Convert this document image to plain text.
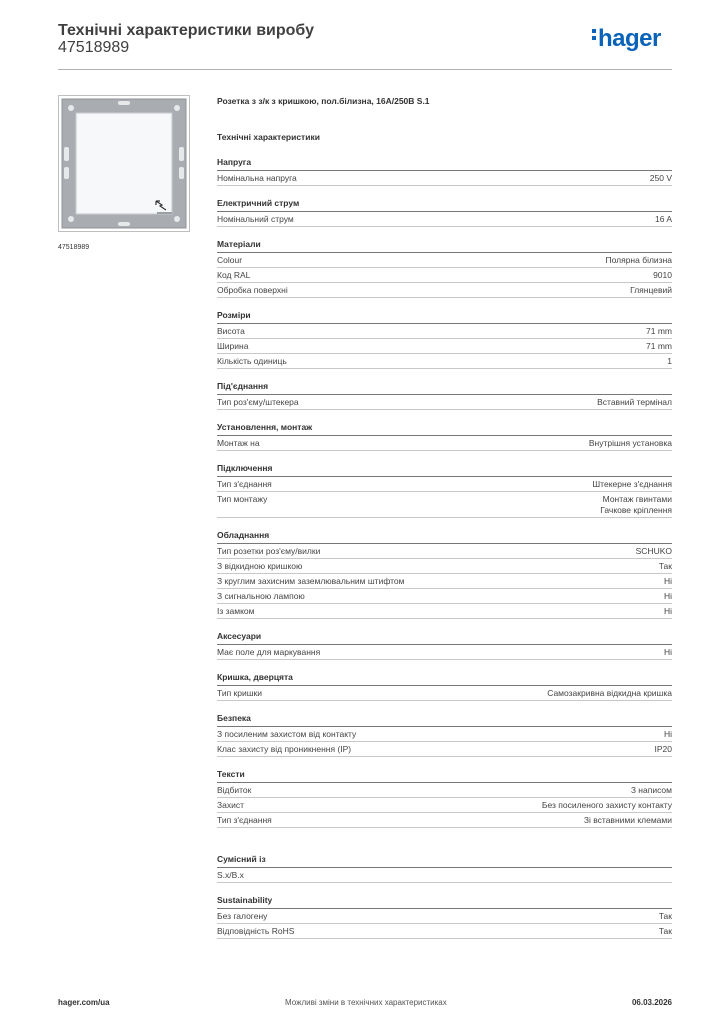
Технічні характеристики виробу
47518989	hager
47518989
Розетка з з/к з кришкою, пол.білизна, 16A/250В S.1
Технічні характеристики
Напруга
Номінальна напруга	250 V
Електричний струм
Номінальний струм	16 A
Матеріали
Colour	Полярна білизна
Код RAL	9010
Обробка поверхні	Глянцевий
Розміри
Висота	71 mm
Ширина	71 mm
Кількість одиниць	1
Під'єднання
Тип роз'єму/штекера	Вставний термінал
Установлення, монтаж
Монтаж на	Внутрішня установка
Підключення
Тип з'єднання	Штекерне з'єднання
Тип монтажу	Монтаж гвинтами
Гачкове кріплення
Обладнання
Тип розетки роз'єму/вилки	SCHUKO
З відкидною кришкою	Так
З круглим захисним заземлювальним штифтом	Ні
З сигнальною лампою	Ні
Із замком	Ні
Аксесуари
Має поле для маркування	Ні
Кришка, дверцята
Тип кришки	Самозакривна відкидна кришка
Безпека
З посиленим захистом від контакту	Ні
Клас захисту від проникнення (IP)	IP20
Тексти
Відбиток	З написом
Захист	Без посиленого захисту контакту
Тип з'єднання	Зі вставними клемами
Сумісний із
S.x/B.x
Sustainability
Без галогену	Так
Відповідність RoHS	Так
hager.com/ua	Можливі зміни в технічних характеристиках	06.03.2026
